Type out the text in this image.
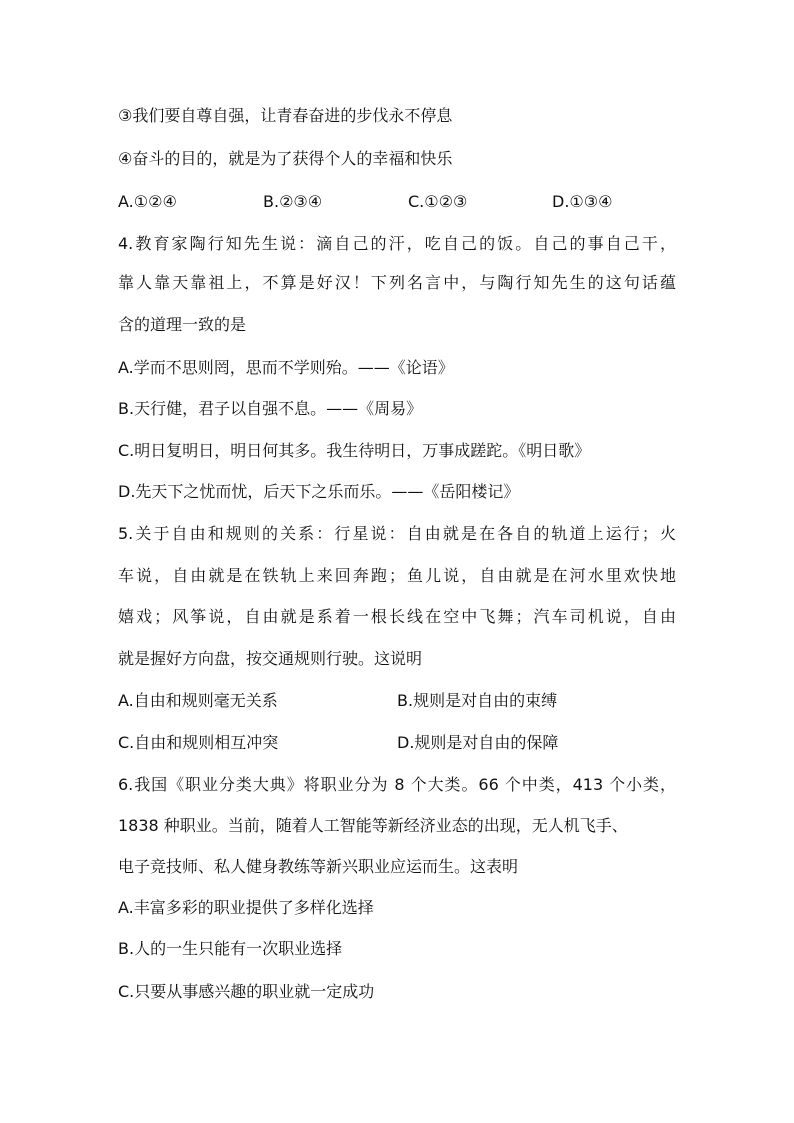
③我们要自尊自强，让青春奋进的步伐永不停息
④奋斗的目的，就是为了获得个人的幸福和快乐
A.①②④	B.②③④	C.①②③	D.①③④
4.教育家陶行知先生说：滴自己的汗，吃自己的饭。自己的事自己干，
靠人靠天靠祖上，不算是好汉！下列名言中，与陶行知先生的这句话蕴
含的道理一致的是
A.学而不思则罔，思而不学则殆。——《论语》
B.天行健，君子以自强不息。——《周易》
C.明日复明日，明日何其多。我生待明日，万事成蹉跎。《明日歌》
D.先天下之忧而忧，后天下之乐而乐。——《岳阳楼记》
5.关于自由和规则的关系：行星说：自由就是在各自的轨道上运行；火
车说，自由就是在铁轨上来回奔跑；鱼儿说，自由就是在河水里欢快地
嬉戏；风筝说，自由就是系着一根长线在空中飞舞；汽车司机说，自由
就是握好方向盘，按交通规则行驶。这说明
A.自由和规则毫无关系	B.规则是对自由的束缚
C.自由和规则相互冲突	D.规则是对自由的保障
6.我国《职业分类大典》将职业分为 8 个大类。66 个中类，413 个小类，
1838 种职业。当前，随着人工智能等新经济业态的出现，无人机飞手、
电子竞技师、私人健身教练等新兴职业应运而生。这表明
A.丰富多彩的职业提供了多样化选择
B.人的一生只能有一次职业选择
C.只要从事感兴趣的职业就一定成功
